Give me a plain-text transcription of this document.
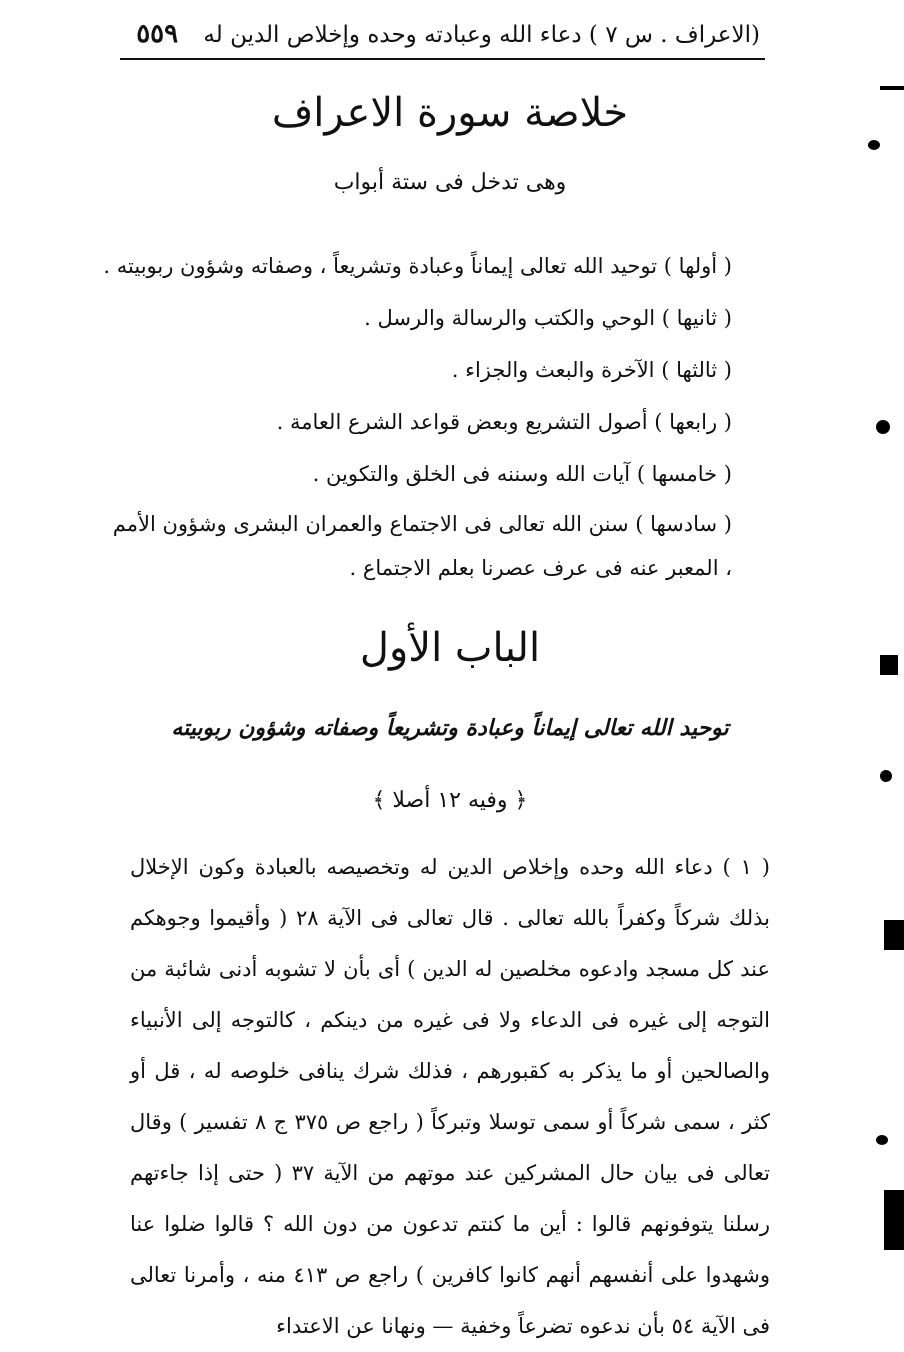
(الاعراف . س ٧ ) دعاء الله وعبادته وحده وإخلاص الدين له ٥٥٩
خلاصة سورة الاعراف
وهى تدخل فى ستة أبواب
( أولها ) توحيد الله تعالى إيماناً وعبادة وتشريعاً ، وصفاته وشؤون ربوبيته .
( ثانيها ) الوحي والكتب والرسالة والرسل .
( ثالثها ) الآخرة والبعث والجزاء .
( رابعها ) أصول التشريع وبعض قواعد الشرع العامة .
( خامسها ) آيات الله وسننه فى الخلق والتكوين .
( سادسها ) سنن الله تعالى فى الاجتماع والعمران البشرى وشؤون الأمم ، المعبر عنه فى عرف عصرنا بعلم الاجتماع .
الباب الأول
توحيد الله تعالى إيماناً وعبادة وتشريعاً وصفاته وشؤون ربوبيته
﴿ وفيه ١٢ أصلا ﴾
( ١ ) دعاء الله وحده وإخلاص الدين له وتخصيصه بالعبادة وكون الإخلال بذلك شركاً وكفراً بالله تعالى . قال تعالى فى الآية ٢٨ ( وأقيموا وجوهكم عند كل مسجد وادعوه مخلصين له الدين ) أى بأن لا تشوبه أدنى شائبة من التوجه إلى غيره فى الدعاء ولا فى غيره من دينكم ، كالتوجه إلى الأنبياء والصالحين أو ما يذكر به كقبورهم ، فذلك شرك ينافى خلوصه له ، قل أو كثر ، سمى شركاً أو سمى توسلا وتبركاً ( راجع ص ٣٧٥ ج ٨ تفسير ) وقال تعالى فى بيان حال المشركين عند موتهم من الآية ٣٧ ( حتى إذا جاءتهم رسلنا يتوفونهم قالوا : أين ما كنتم تدعون من دون الله ؟ قالوا ضلوا عنا وشهدوا على أنفسهم أنهم كانوا كافرين ) راجع ص ٤١٣ منه ، وأمرنا تعالى فى الآية ٥٤ بأن ندعوه تضرعاً وخفية — ونهانا عن الاعتداء
